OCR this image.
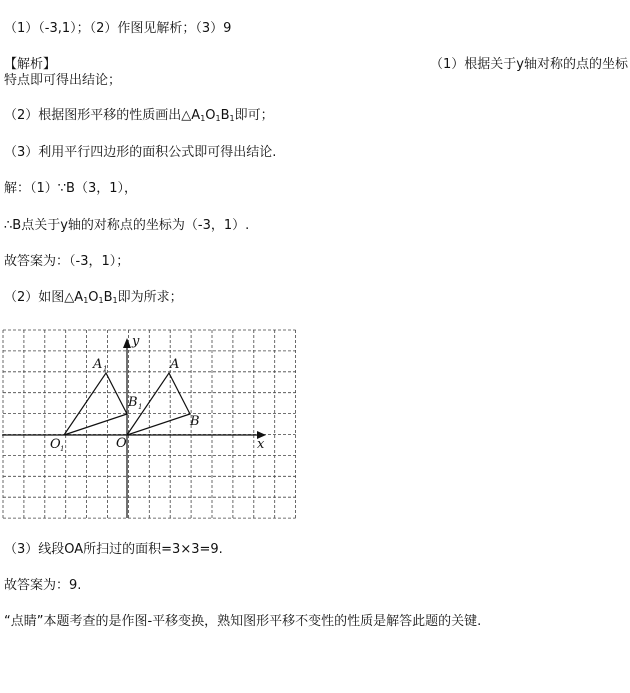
（1）（-3,1）；（2）作图见解析；（3）9
【解析】	（1）根据关于y轴对称的点的坐标
特点即可得出结论；
（2）根据图形平移的性质画出$\triangle A_1O_1B_1$即可；
（3）利用平行四边形的面积公式即可得出结论.
解：（1）∵B（3，1），
∴B点关于y轴的对称点的坐标为（-3，1）.
故答案为：（-3，1）；
（2）如图$\triangle A_1O_1B_1$即为所求；
x
y
A
B
O
A 1
B 1
O 1
（3）线段OA所扫过的面积=3×3=9.
故答案为：9.
“点睛”本题考查的是作图-平移变换，熟知图形平移不变性的性质是解答此题的关键.
